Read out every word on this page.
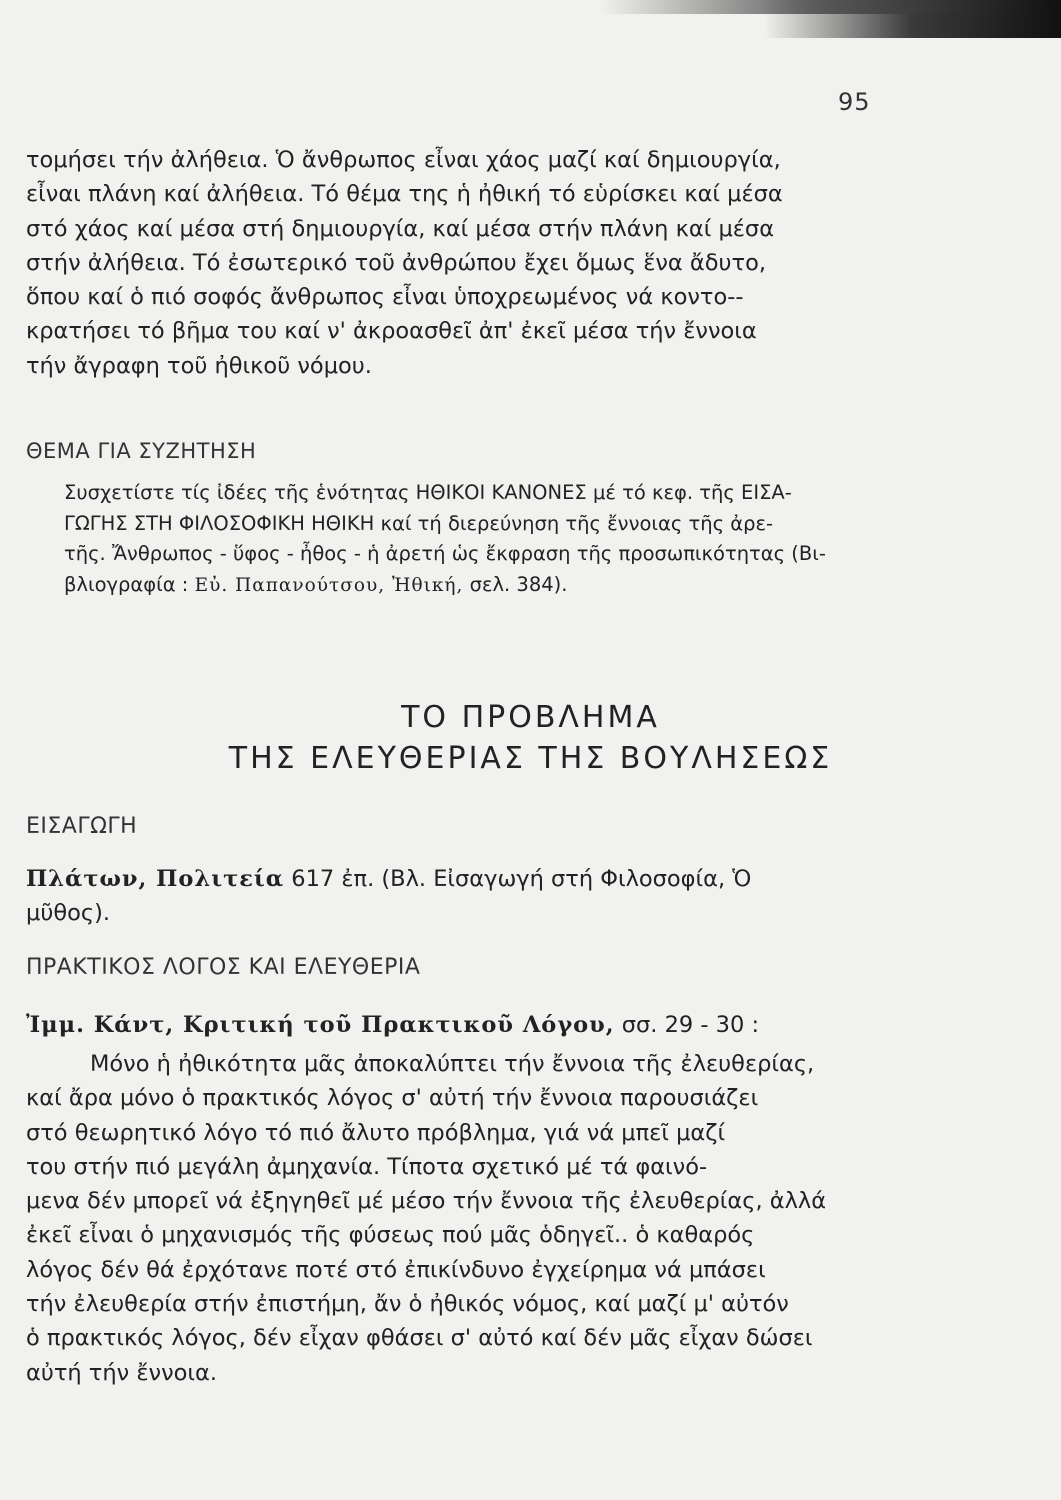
95

τομήσει τήν ἀλήθεια. Ὁ ἄνθρωπος εἶναι χάος μαζί καί δημιουργία,
εἶναι πλάνη καί ἀλήθεια. Τό θέμα της ἡ ἠθική τό εὑρίσκει καί μέσα
στό χάος καί μέσα στή δημιουργία, καί μέσα στήν πλάνη καί μέσα
στήν ἀλήθεια. Τό ἐσωτερικό τοῦ ἀνθρώπου ἔχει ὅμως ἕνα ἄδυτο,
ὅπου καί ὁ πιό σοφός ἄνθρωπος εἶναι ὑποχρεωμένος νά κοντο--
κρατήσει τό βῆμα του καί ν' ἀκροασθεῖ ἀπ' ἐκεῖ μέσα τήν ἔννοια
τήν ἄγραφη τοῦ ἠθικοῦ νόμου.

ΘΕΜΑ ΓΙΑ ΣΥΖΗΤΗΣΗ

Συσχετίστε τίς ἰδέες τῆς ἑνότητας ΗΘΙΚΟΙ ΚΑΝΟΝΕΣ μέ τό κεφ. τῆς ΕΙΣΑ-
ΓΩΓΗΣ ΣΤΗ ΦΙΛΟΣΟΦΙΚΗ ΗΘΙΚΗ καί τή διερεύνηση τῆς ἔννοιας τῆς ἀρε-
τῆς. Ἄνθρωπος - ὕφος - ἦθος - ἡ ἀρετή ὡς ἔκφραση τῆς προσωπικότητας (Βι-
βλιογραφία : Εὐ. Παπανούτσου, Ἠθική, σελ. 384).

ΤΟ ΠΡΟΒΛΗΜΑ
ΤΗΣ ΕΛΕΥΘΕΡΙΑΣ ΤΗΣ ΒΟΥΛΗΣΕΩΣ
ΕΙΣΑΓΩΓΗ
Πλάτων, Πολιτεία 617 ἐπ. (Βλ. Εἰσαγωγή στή Φιλοσοφία, Ὁ
μῦθος).
ΠΡΑΚΤΙΚΟΣ ΛΟΓΟΣ ΚΑΙ ΕΛΕΥΘΕΡΙΑ
Ἰμμ. Κάντ, Κριτική τοῦ Πρακτικοῦ Λόγου, σσ. 29 - 30 :

Μόνο ἡ ἠθικότητα μᾶς ἀποκαλύπτει τήν ἔννοια τῆς ἐλευθερίας,
καί ἄρα μόνο ὁ πρακτικός λόγος σ' αὐτή τήν ἔννοια παρουσιάζει
στό θεωρητικό λόγο τό πιό ἄλυτο πρόβλημα, γιά νά μπεῖ μαζί
του στήν πιό μεγάλη ἀμηχανία. Τίποτα σχετικό μέ τά φαινό-
μενα δέν μπορεῖ νά ἐξηγηθεῖ μέ μέσο τήν ἔννοια τῆς ἐλευθερίας, ἀλλά
ἐκεῖ εἶναι ὁ μηχανισμός τῆς φύσεως πού μᾶς ὁδηγεῖ.. ὁ καθαρός
λόγος δέν θά ἐρχότανε ποτέ στό ἐπικίνδυνο ἐγχείρημα νά μπάσει
τήν ἐλευθερία στήν ἐπιστήμη, ἄν ὁ ἠθικός νόμος, καί μαζί μ' αὐτόν
ὁ πρακτικός λόγος, δέν εἶχαν φθάσει σ' αὐτό καί δέν μᾶς εἶχαν δώσει
αὐτή τήν ἔννοια.
